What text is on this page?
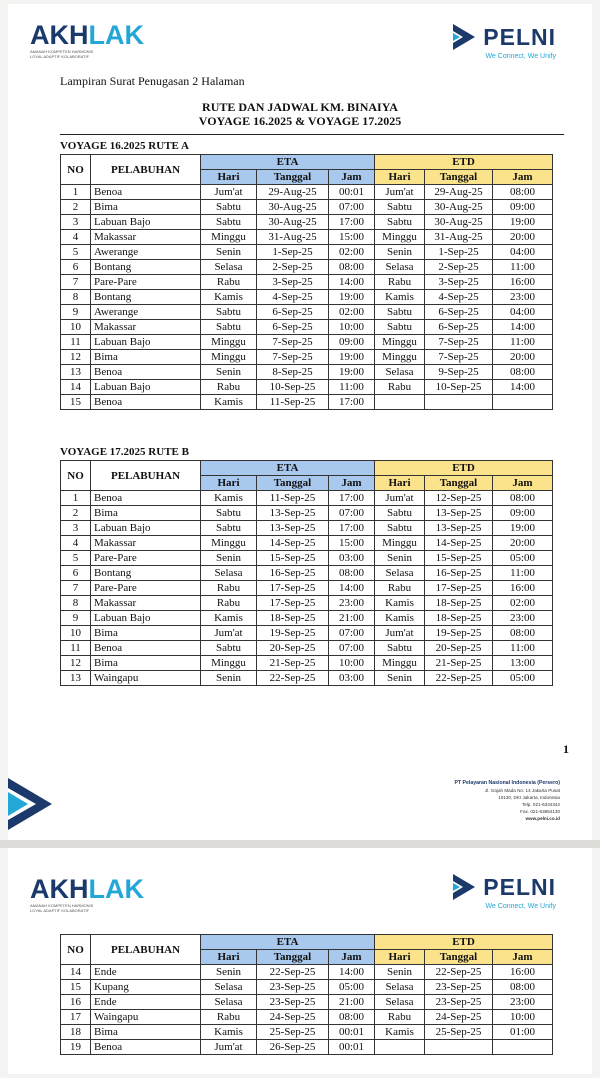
AKHLAK
AMANAH KOMPETEN HARMONIS
LOYAL ADAPTIF KOLABORATIF
PELNI
We Connect, We Unify
Lampiran Surat Penugasan 2 Halaman
RUTE DAN JADWAL KM. BINAIYA
VOYAGE 16.2025 & VOYAGE 17.2025
VOYAGE 16.2025 RUTE A
NO	PELABUHAN	ETA			ETD		
		Hari	Tanggal	Jam	Hari	Tanggal	Jam
1	Benoa	Jum'at	29-Aug-25	00:01	Jum'at	29-Aug-25	08:00
2	Bima	Sabtu	30-Aug-25	07:00	Sabtu	30-Aug-25	09:00
3	Labuan Bajo	Sabtu	30-Aug-25	17:00	Sabtu	30-Aug-25	19:00
4	Makassar	Minggu	31-Aug-25	15:00	Minggu	31-Aug-25	20:00
5	Awerange	Senin	1-Sep-25	02:00	Senin	1-Sep-25	04:00
6	Bontang	Selasa	2-Sep-25	08:00	Selasa	2-Sep-25	11:00
7	Pare-Pare	Rabu	3-Sep-25	14:00	Rabu	3-Sep-25	16:00
8	Bontang	Kamis	4-Sep-25	19:00	Kamis	4-Sep-25	23:00
9	Awerange	Sabtu	6-Sep-25	02:00	Sabtu	6-Sep-25	04:00
10	Makassar	Sabtu	6-Sep-25	10:00	Sabtu	6-Sep-25	14:00
11	Labuan Bajo	Minggu	7-Sep-25	09:00	Minggu	7-Sep-25	11:00
12	Bima	Minggu	7-Sep-25	19:00	Minggu	7-Sep-25	20:00
13	Benoa	Senin	8-Sep-25	19:00	Selasa	9-Sep-25	08:00
14	Labuan Bajo	Rabu	10-Sep-25	11:00	Rabu	10-Sep-25	14:00
15	Benoa	Kamis	11-Sep-25	17:00			
VOYAGE 17.2025 RUTE B
NO	PELABUHAN	ETA			ETD		
		Hari	Tanggal	Jam	Hari	Tanggal	Jam
1	Benoa	Kamis	11-Sep-25	17:00	Jum'at	12-Sep-25	08:00
2	Bima	Sabtu	13-Sep-25	07:00	Sabtu	13-Sep-25	09:00
3	Labuan Bajo	Sabtu	13-Sep-25	17:00	Sabtu	13-Sep-25	19:00
4	Makassar	Minggu	14-Sep-25	15:00	Minggu	14-Sep-25	20:00
5	Pare-Pare	Senin	15-Sep-25	03:00	Senin	15-Sep-25	05:00
6	Bontang	Selasa	16-Sep-25	08:00	Selasa	16-Sep-25	11:00
7	Pare-Pare	Rabu	17-Sep-25	14:00	Rabu	17-Sep-25	16:00
8	Makassar	Rabu	17-Sep-25	23:00	Kamis	18-Sep-25	02:00
9	Labuan Bajo	Kamis	18-Sep-25	21:00	Kamis	18-Sep-25	23:00
10	Bima	Jum'at	19-Sep-25	07:00	Jum'at	19-Sep-25	08:00
11	Benoa	Sabtu	20-Sep-25	07:00	Sabtu	20-Sep-25	11:00
12	Bima	Minggu	21-Sep-25	10:00	Minggu	21-Sep-25	13:00
13	Waingapu	Senin	22-Sep-25	03:00	Senin	22-Sep-25	05:00
1
PT Pelayaran Nasional Indonesia (Persero)
Jl. Gajah Mada No. 14 Jakarta Pusat
10130, DKI Jakarta, Indonesia
Telp. 021-6334342
Fax. 021-63854130
www.pelni.co.id
AKHLAK
AMANAH KOMPETEN HARMONIS
LOYAL ADAPTIF KOLABORATIF
PELNI
We Connect, We Unify
NO	PELABUHAN	ETA			ETD		
		Hari	Tanggal	Jam	Hari	Tanggal	Jam
14	Ende	Senin	22-Sep-25	14:00	Senin	22-Sep-25	16:00
15	Kupang	Selasa	23-Sep-25	05:00	Selasa	23-Sep-25	08:00
16	Ende	Selasa	23-Sep-25	21:00	Selasa	23-Sep-25	23:00
17	Waingapu	Rabu	24-Sep-25	08:00	Rabu	24-Sep-25	10:00
18	Bima	Kamis	25-Sep-25	00:01	Kamis	25-Sep-25	01:00
19	Benoa	Jum'at	26-Sep-25	00:01			
